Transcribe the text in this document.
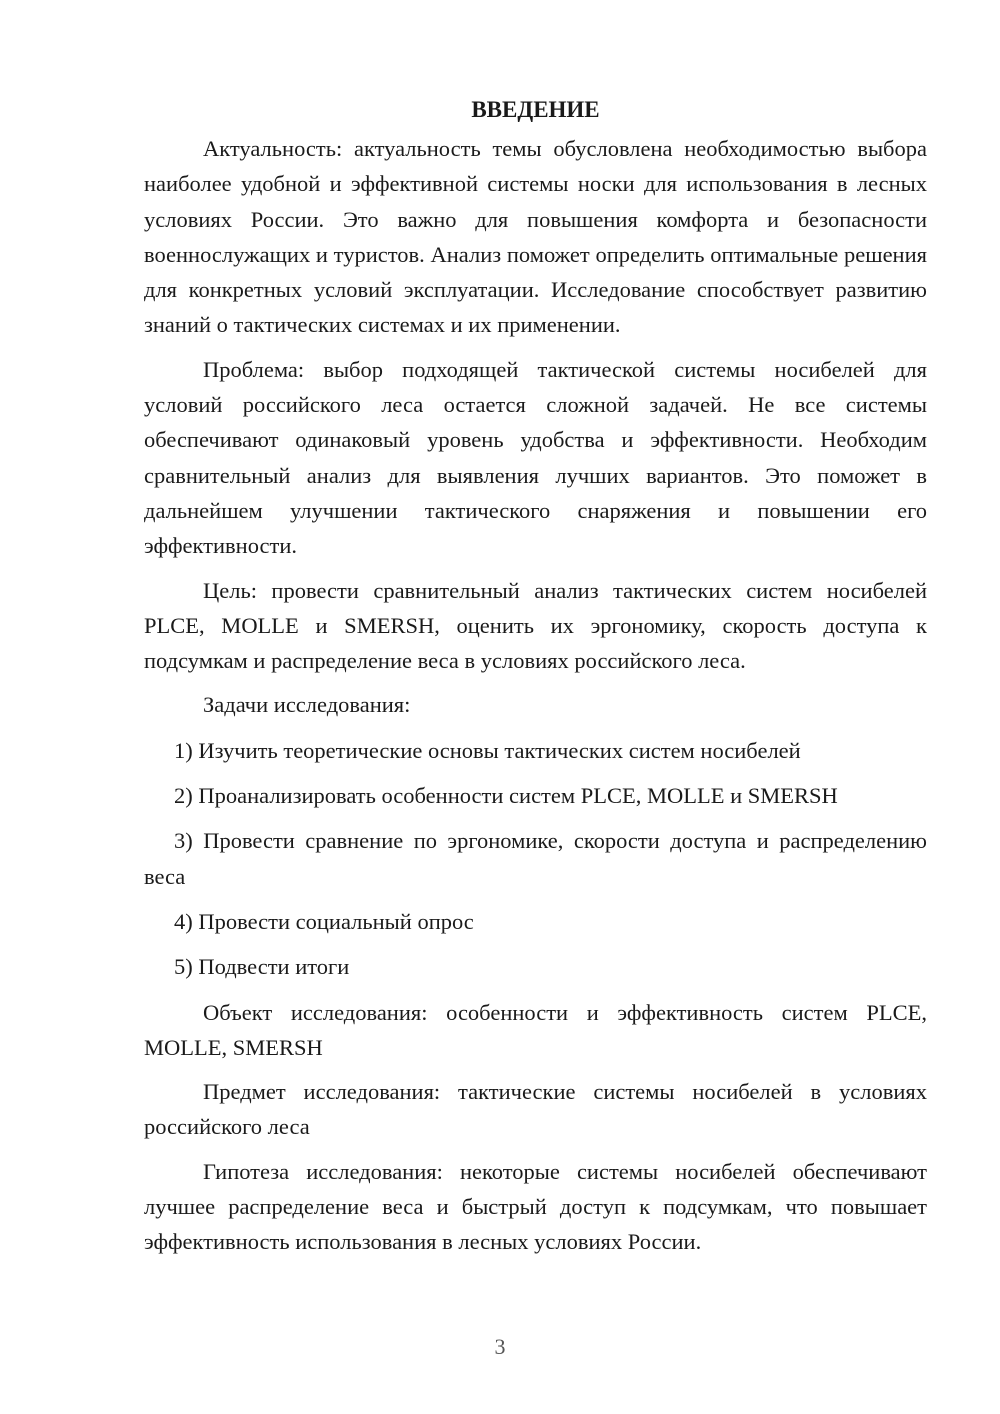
ВВЕДЕНИЕ

Актуальность: актуальность темы обусловлена необходимостью выбора наиболее удобной и эффективной системы носки для использования в лесных условиях России. Это важно для повышения комфорта и безопасности военнослужащих и туристов. Анализ поможет определить оптимальные решения для конкретных условий эксплуатации. Исследование способствует развитию знаний о тактических системах и их применении.

Проблема: выбор подходящей тактической системы носибелей для условий российского леса остается сложной задачей. Не все системы обеспечивают одинаковый уровень удобства и эффективности. Необходим сравнительный анализ для выявления лучших вариантов. Это поможет в дальнейшем улучшении тактического снаряжения и повышении его эффективности.

Цель: провести сравнительный анализ тактических систем носибелей PLCE, MOLLE и SMERSH, оценить их эргономику, скорость доступа к подсумкам и распределение веса в условиях российского леса.

Задачи исследования:

1) Изучить теоретические основы тактических систем носибелей

2) Проанализировать особенности систем PLCE, MOLLE и SMERSH

3) Провести сравнение по эргономике, скорости доступа и распределению веса

4) Провести социальный опрос

5) Подвести итоги

Объект исследования: особенности и эффективность систем PLCE, MOLLE, SMERSH

Предмет исследования: тактические системы носибелей в условиях российского леса

Гипотеза исследования: некоторые системы носибелей обеспечивают лучшее распределение веса и быстрый доступ к подсумкам, что повышает эффективность использования в лесных условиях России.

3
